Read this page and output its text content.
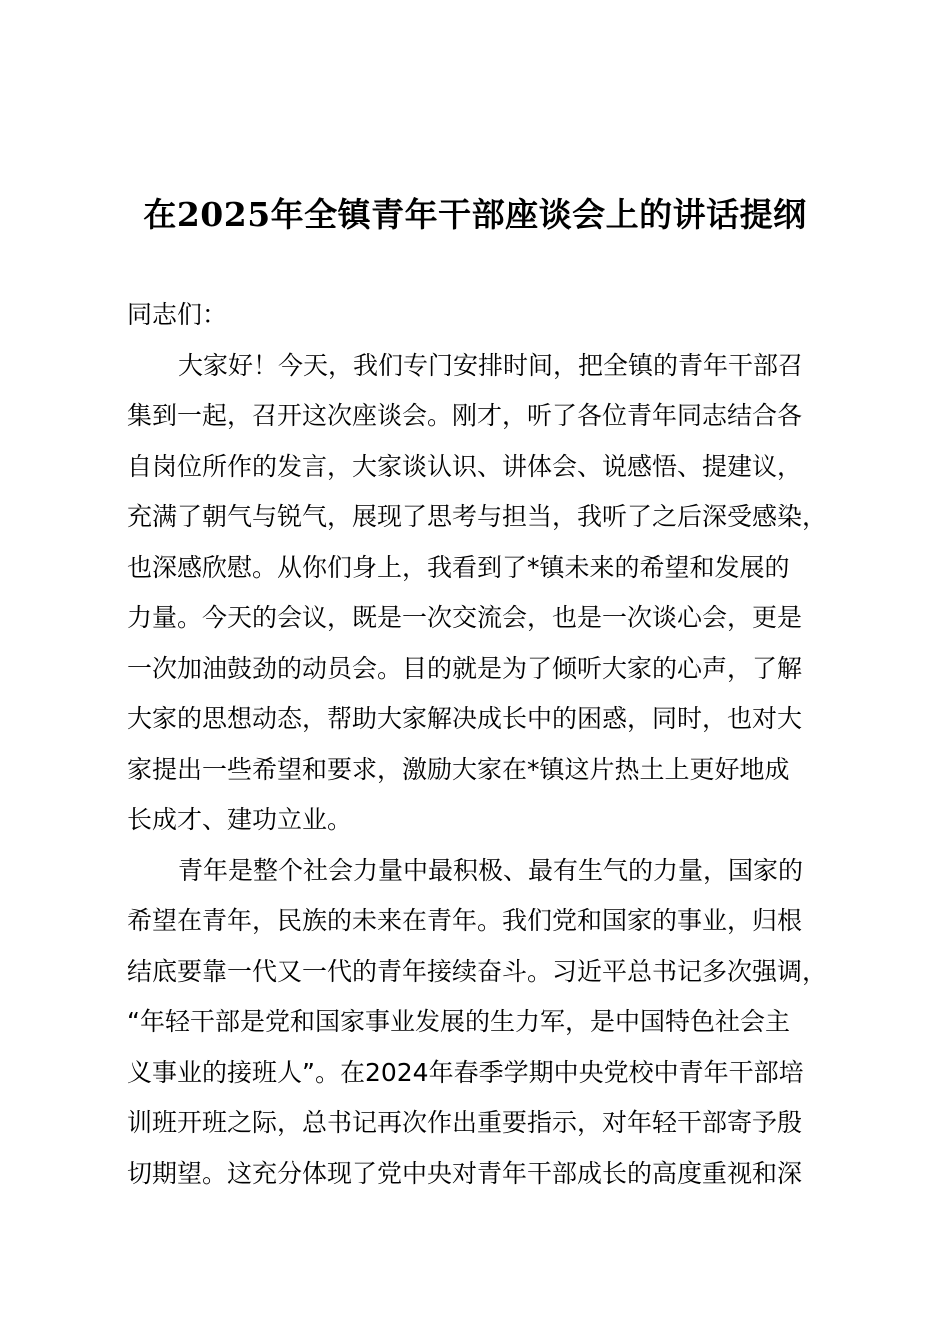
在2025年全镇青年干部座谈会上的讲话提纲

同志们：

大家好！今天，我们专门安排时间，把全镇的青年干部召

集到一起，召开这次座谈会。刚才，听了各位青年同志结合各

自岗位所作的发言，大家谈认识、讲体会、说感悟、提建议，

充满了朝气与锐气，展现了思考与担当，我听了之后深受感染，

也深感欣慰。从你们身上，我看到了*镇未来的希望和发展的

力量。今天的会议，既是一次交流会，也是一次谈心会，更是

一次加油鼓劲的动员会。目的就是为了倾听大家的心声，了解

大家的思想动态，帮助大家解决成长中的困惑，同时，也对大

家提出一些希望和要求，激励大家在*镇这片热土上更好地成

长成才、建功立业。

青年是整个社会力量中最积极、最有生气的力量，国家的

希望在青年，民族的未来在青年。我们党和国家的事业，归根

结底要靠一代又一代的青年接续奋斗。习近平总书记多次强调，

“年轻干部是党和国家事业发展的生力军，是中国特色社会主

义事业的接班人”。在2024年春季学期中央党校中青年干部培

训班开班之际，总书记再次作出重要指示，对年轻干部寄予殷

切期望。这充分体现了党中央对青年干部成长的高度重视和深
